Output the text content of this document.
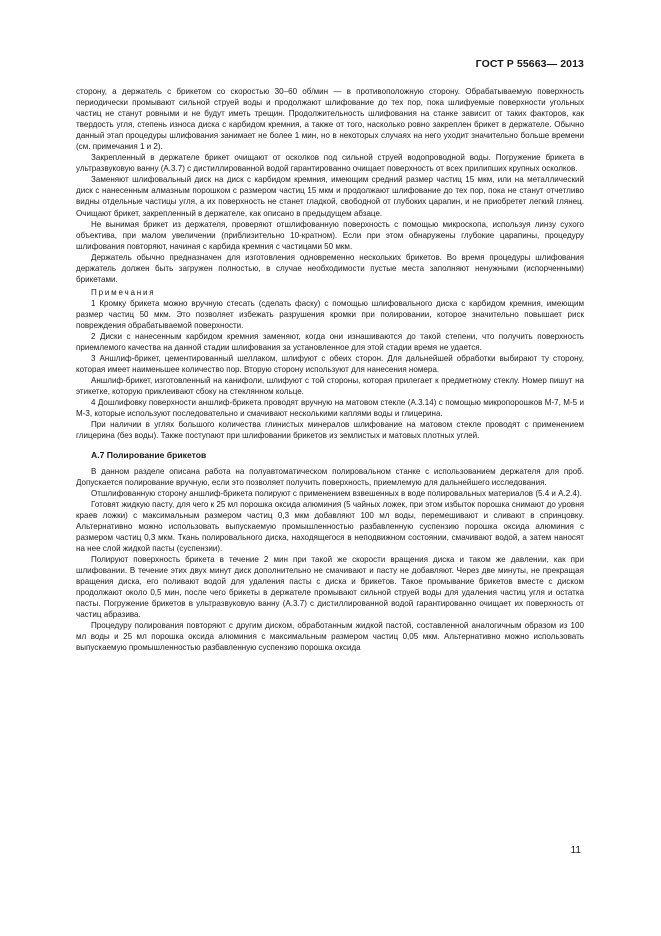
ГОСТ Р 55663— 2013

сторону, а держатель с брикетом со скоростью 30–60 об/мин — в противоположную сторону. Обрабатываемую поверхность периодически промывают сильной струей воды и продолжают шлифование до тех пор, пока шлифуемые поверхности угольных частиц не станут ровными и не будут иметь трещин. Продолжительность шлифования на станке зависит от таких факторов, как твердость угля, степень износа диска с карбидом кремния, а также от того, насколько ровно закреплен брикет в держателе. Обычно данный этап процедуры шлифования занимает не более 1 мин, но в некоторых случаях на него уходит значительно больше времени (см. примечания 1 и 2).

Закрепленный в держателе брикет очищают от осколков под сильной струей водопроводной воды. Погружение брикета в ультразвуковую ванну (А.3.7) с дистиллированной водой гарантированно очищает поверхность от всех прилипших крупных осколков.

Заменяют шлифовальный диск на диск с карбидом кремния, имеющим средний размер частиц 15 мкм, или на металлический диск с нанесенным алмазным порошком с размером частиц 15 мкм и продолжают шлифование до тех пор, пока не станут отчетливо видны отдельные частицы угля, а их поверхность не станет гладкой, свободной от глубоких царапин, и не приобретет легкий глянец. Очищают брикет, закрепленный в держателе, как описано в предыдущем абзаце.

Не вынимая брикет из держателя, проверяют отшлифованную поверхность с помощью микроскопа, используя линзу сухого объектива, при малом увеличении (приблизительно 10-кратном). Если при этом обнаружены глубокие царапины, процедуру шлифования повторяют, начиная с карбида кремния с частицами 50 мкм.

Держатель обычно предназначен для изготовления одновременно нескольких брикетов. Во время процедуры шлифования держатель должен быть загружен полностью, в случае необходимости пустые места заполняют ненужными (испорченными) брикетами.

Примечания

1 Кромку брикета можно вручную стесать (сделать фаску) с помощью шлифовального диска с карбидом кремния, имеющим размер частиц 50 мкм. Это позволяет избежать разрушения кромки при полировании, которое значительно повышает риск повреждения обрабатываемой поверхности.

2 Диски с нанесенным карбидом кремния заменяют, когда они изнашиваются до такой степени, что получить поверхность приемлемого качества на данной стадии шлифования за установленное для этой стадии время не удается.

3 Аншлиф-брикет, цементированный шеллаком, шлифуют с обеих сторон. Для дальнейшей обработки выбирают ту сторону, которая имеет наименьшее количество пор. Вторую сторону используют для нанесения номера.

Аншлиф-брикет, изготовленный на канифоли, шлифуют с той стороны, которая прилегает к предметному стеклу. Номер пишут на этикетке, которую приклеивают сбоку на стеклянном кольце.

4 Дошлифовку поверхности аншлиф-брикета проводят вручную на матовом стекле (А.3.14) с помощью микропорошков М-7, М-5 и М-3, которые используют последовательно и смачивают несколькими каплями воды и глицерина.

При наличии в углях большого количества глинистых минералов шлифование на матовом стекле проводят с применением глицерина (без воды). Также поступают при шлифовании брикетов из землистых и матовых плотных углей.

А.7 Полирование брикетов

В данном разделе описана работа на полуавтоматическом полировальном станке с использованием держателя для проб. Допускается полирование вручную, если это позволяет получить поверхность, приемлемую для дальнейшего исследования.

Отшлифованную сторону аншлиф-брикета полируют с применением взвешенных в воде полировальных материалов (5.4 и А.2.4).

Готовят жидкую пасту, для чего к 25 мл порошка оксида алюминия (5 чайных ложек, при этом избыток порошка снимают до уровня краев ложки) с максимальным размером частиц 0,3 мкм добавляют 100 мл воды, перемешивают и сливают в спринцовку. Альтернативно можно использовать выпускаемую промышленностью разбавленную суспензию порошка оксида алюминия с размером частиц 0,3 мкм. Ткань полировального диска, находящегося в неподвижном состоянии, смачивают водой, а затем наносят на нее слой жидкой пасты (суспензии).

Полируют поверхность брикета в течение 2 мин при такой же скорости вращения диска и таком же давлении, как при шлифовании. В течение этих двух минут диск дополнительно не смачивают и пасту не добавляют. Через две минуты, не прекращая вращения диска, его поливают водой для удаления пасты с диска и брикетов. Такое промывание брикетов вместе с диском продолжают около 0,5 мин, после чего брикеты в держателе промывают сильной струей воды для удаления частиц угля и остатка пасты. Погружение брикетов в ультразвуковую ванну (А.3.7) с дистиллированной водой гарантированно очищает их поверхность от частиц абразива.

Процедуру полирования повторяют с другим диском, обработанным жидкой пастой, составленной аналогичным образом из 100 мл воды и 25 мл порошка оксида алюминия с максимальным размером частиц 0,05 мкм. Альтернативно можно использовать выпускаемую промышленностью разбавленную суспензию порошка оксида

11
